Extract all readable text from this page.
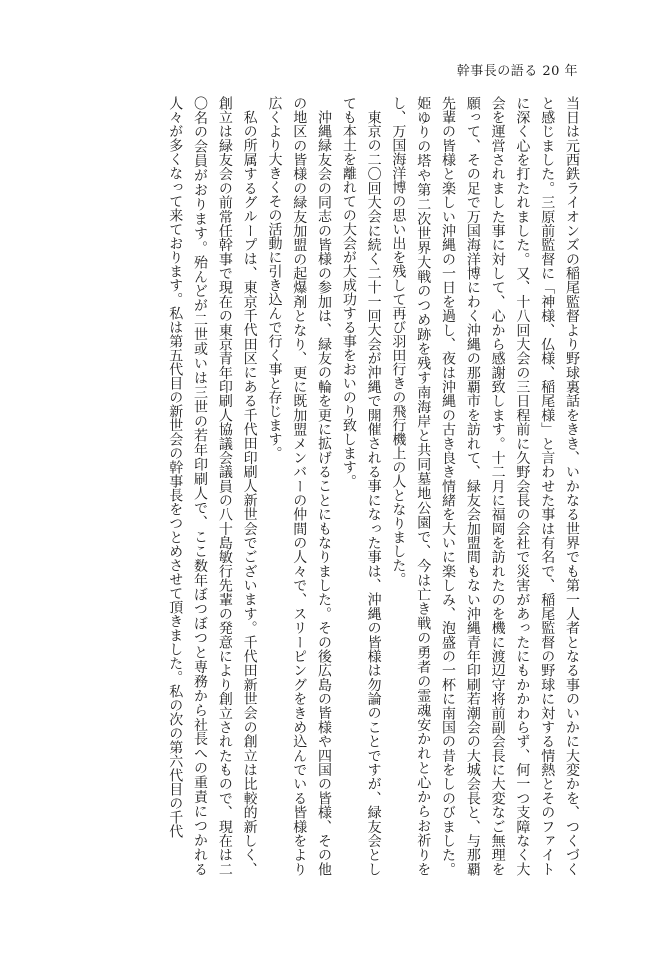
幹事長の語る 20 年

当日は元西鉄ライオンズの稲尾監督より野球裏話をきき、いかなる世界でも第一人者となる事のいかに大変かを、つくづくと感じました。三原前監督に「神様、仏様、稲尾様」と言わせた事は有名で、稲尾監督の野球に対する情熱とそのファイトに深く心を打たれました。又、十八回大会の三日程前に久野会長の会社で災害があったにもかかわらず、何一つ支障なく大会を運営されました事に対して、心から感謝致します。十二月に福岡を訪れたのを機に渡辺守将前副会長に大変なご無理を願って、その足で万国海洋博にわく沖縄の那覇市を訪れて、緑友会加盟間もない沖縄青年印刷若潮会の大城会長と、与那覇先輩の皆様と楽しい沖縄の一日を過し、夜は沖縄の古き良き情緒を大いに楽しみ、泡盛の一杯に南国の昔をしのびました。姫ゆりの塔や第二次世界大戦のつめ跡を残す南海岸と共同墓地公園で、今は亡き戦の勇者の霊魂安かれと心からお祈りをし、万国海洋博の思い出を残して再び羽田行きの飛行機上の人となりました。

東京の二〇回大会に続く二十一回大会が沖縄で開催される事になった事は、沖縄の皆様は勿論のことですが、緑友会としても本土を離れての大会が大成功する事をおいのり致します。

沖縄緑友会の同志の皆様の参加は、緑友の輪を更に拡げることにもなりました。その後広島の皆様や四国の皆様、その他の地区の皆様の緑友加盟の起爆剤となり、更に既加盟メンバーの仲間の人々で、スリーピングをきめ込んでいる皆様をより広くより大きくその活動に引き込んで行く事と存じます。

私の所属するグループは、東京千代田区にある千代田印刷人新世会でございます。千代田新世会の創立は比較的新しく、創立は緑友会の前常任幹事で現在の東京青年印刷人協議会議員の八十島敏行先輩の発意により創立されたもので、現在は二〇名の会員がおります。殆んどが二世或いは三世の若年印刷人で、ここ数年ぼつぼつと専務から社長への重責につかれる人々が多くなって来ております。私は第五代目の新世会の幹事長をつとめさせて頂きました。私の次の第六代目の千代
